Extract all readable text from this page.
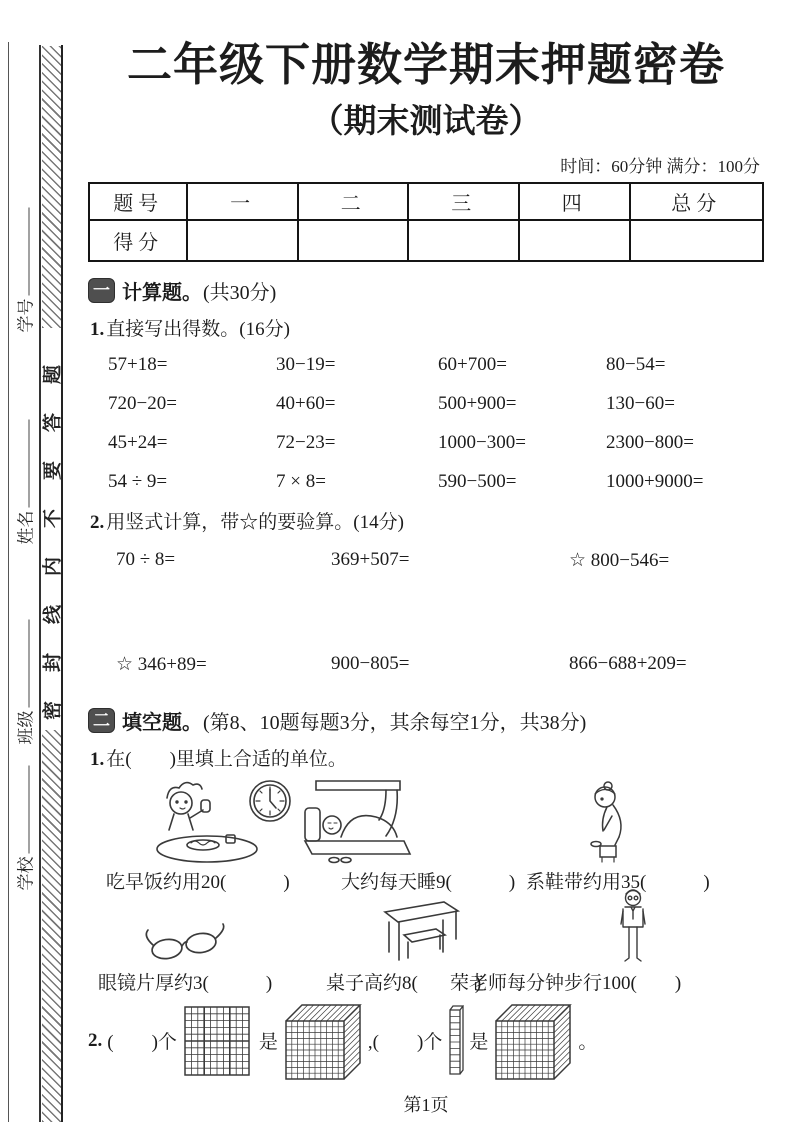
密封线内不要答题
学号
姓名
班级
学校
二年级下册数学期末押题密卷
（期末测试卷）
时间：60分钟 满分：100分
题号	一	二	三	四	总分
得分					
一 计算题。 (共30分)
1. 直接写出得数。(16分)
57+18=	30−19=	60+700=	80−54=
720−20=	40+60=	500+900=	130−60=
45+24=	72−23=	1000−300=	2300−800=
54 ÷ 9=	7 × 8=	590−500=	1000+9000=
2. 用竖式计算，带☆的要验算。(14分)
70 ÷ 8=	369+507=	☆ 800−546=
☆ 346+89=	900−805=	866−688+209=
二 填空题。 (第8、10题每题3分，其余每空1分，共38分)
1. 在(　　)里填上合适的单位。
吃早饭约用20(　　　)	大约每天睡9(　　　) 系鞋带约用35(　　　)
眼镜片厚约3(　　　)	桌子高约8(　　　)
荣老师每分钟步行100(　　)
2. (　　)个	是	,(　　)个 是	。
第1页
